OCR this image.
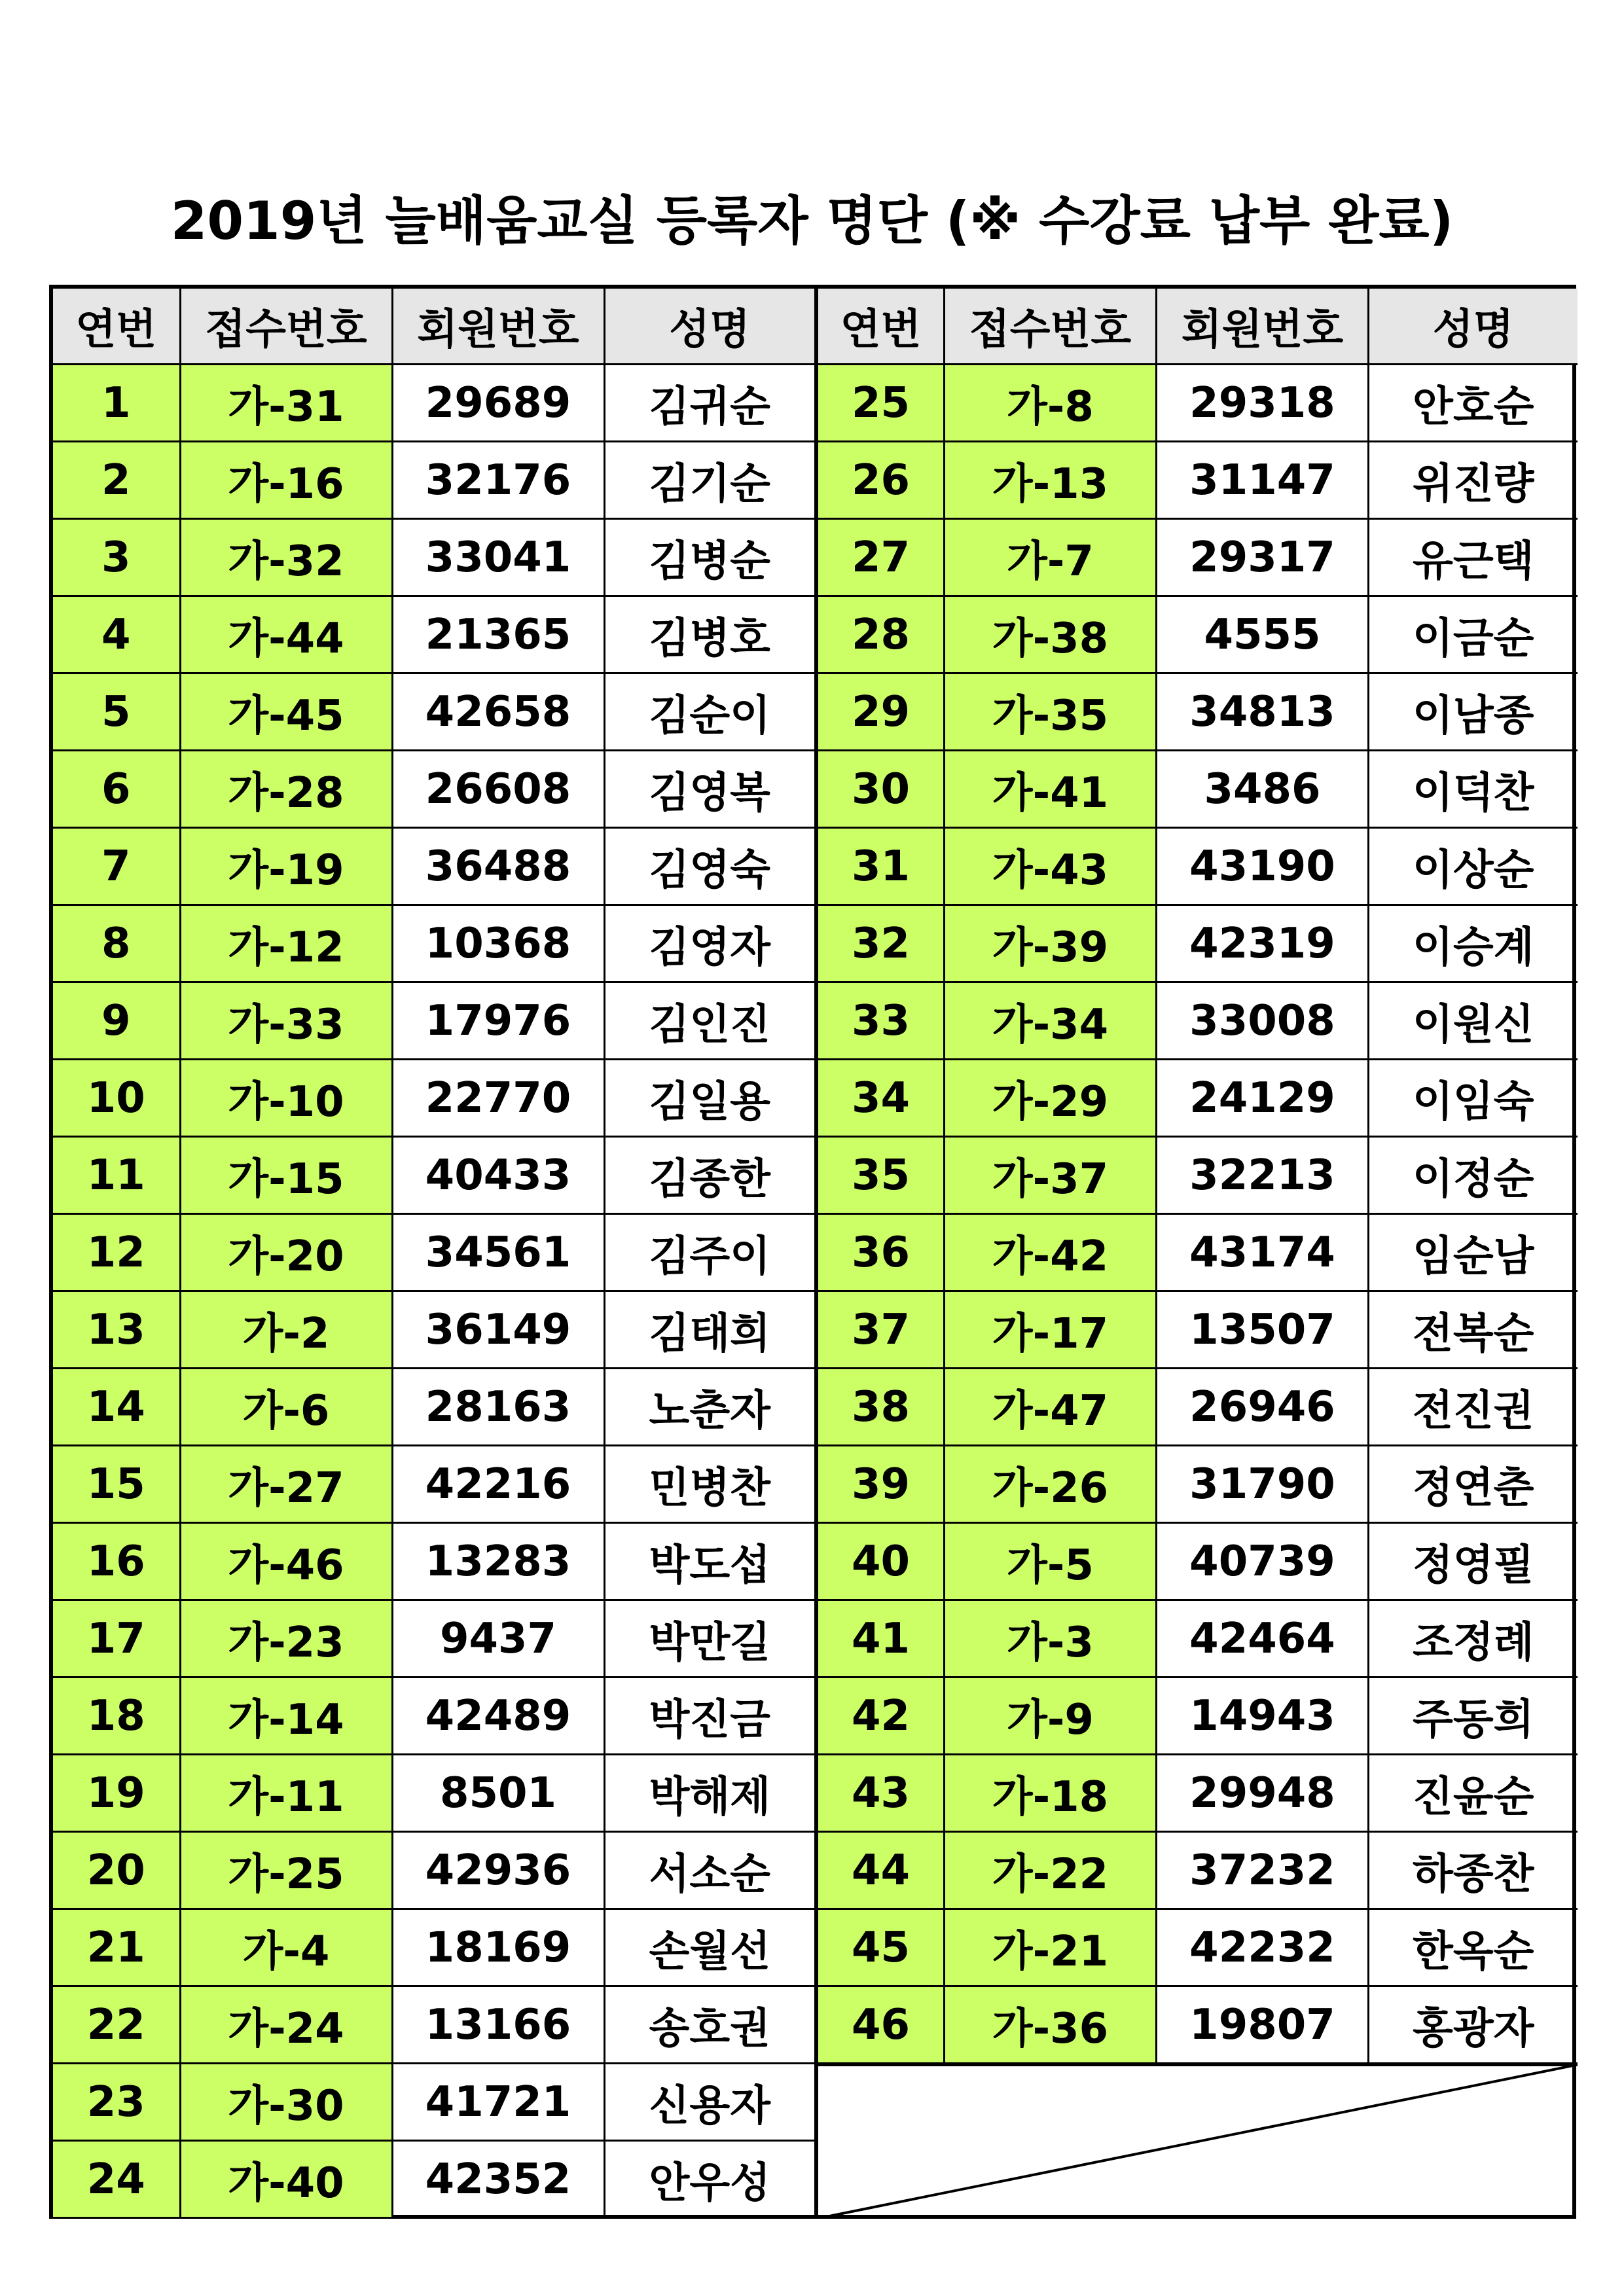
2019년 늘배움교실 등록자 명단 (※ 수강료 납부 완료)
연번	접수번호	회원번호	성명
1	가-31	29689	김귀순
2	가-16	32176	김기순
3	가-32	33041	김병순
4	가-44	21365	김병호
5	가-45	42658	김순이
6	가-28	26608	김영복
7	가-19	36488	김영숙
8	가-12	10368	김영자
9	가-33	17976	김인진
10	가-10	22770	김일용
11	가-15	40433	김종한
12	가-20	34561	김주이
13	가-2	36149	김태희
14	가-6	28163	노춘자
15	가-27	42216	민병찬
16	가-46	13283	박도섭
17	가-23	9437	박만길
18	가-14	42489	박진금
19	가-11	8501	박해제
20	가-25	42936	서소순
21	가-4	18169	손월선
22	가-24	13166	송호권
23	가-30	41721	신용자
24	가-40	42352	안우성
연번	접수번호	회원번호	성명
25	가-8	29318	안호순
26	가-13	31147	위진량
27	가-7	29317	유근택
28	가-38	4555	이금순
29	가-35	34813	이남종
30	가-41	3486	이덕찬
31	가-43	43190	이상순
32	가-39	42319	이승계
33	가-34	33008	이원신
34	가-29	24129	이임숙
35	가-37	32213	이정순
36	가-42	43174	임순남
37	가-17	13507	전복순
38	가-47	26946	전진권
39	가-26	31790	정연춘
40	가-5	40739	정영필
41	가-3	42464	조정례
42	가-9	14943	주동희
43	가-18	29948	진윤순
44	가-22	37232	하종찬
45	가-21	42232	한옥순
46	가-36	19807	홍광자
